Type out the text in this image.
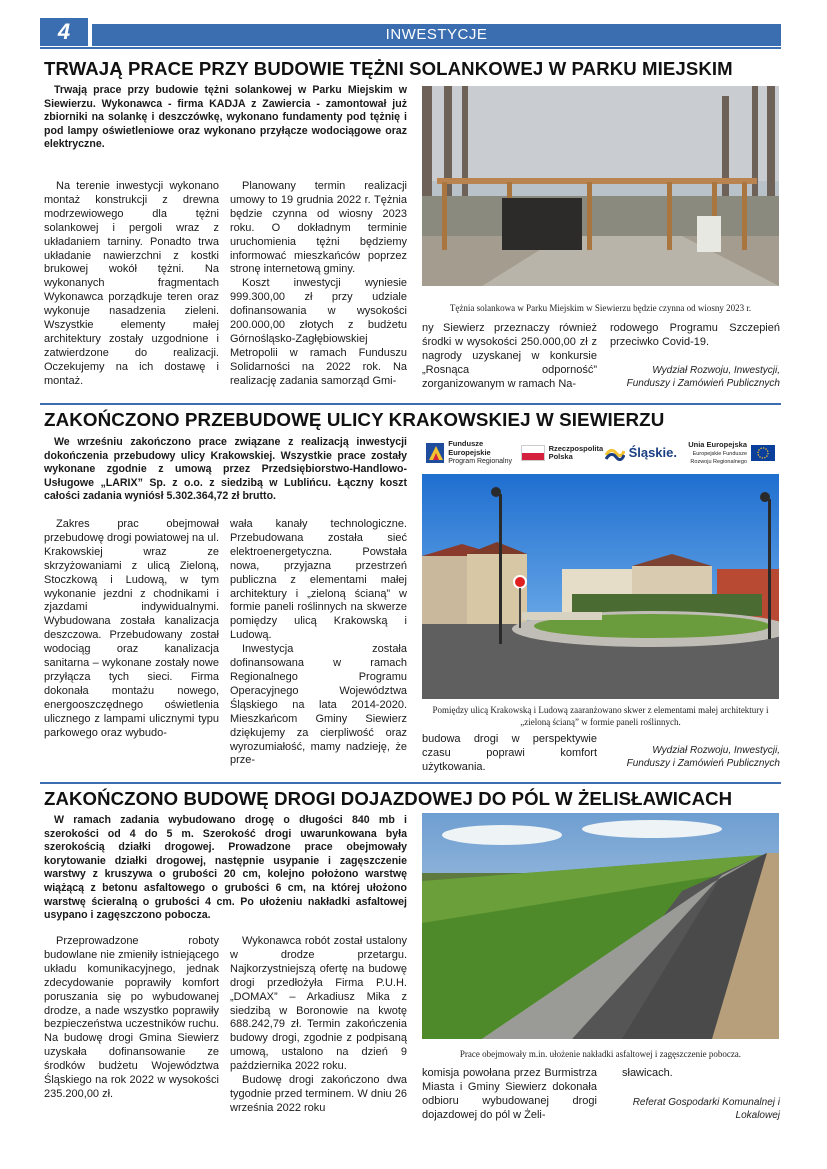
4	INWESTYCJE
TRWAJĄ PRACE PRZY BUDOWIE TĘŻNI SOLANKOWEJ W PARKU MIEJSKIM

Trwają prace przy budowie tężni solankowej w Parku Miejskim w Siewierzu. Wykonawca - firma KADJA z Zawiercia - zamontował już zbiorniki na solankę i deszczówkę, wykonano fundamenty pod tężnię i pod lampy oświetleniowe oraz wykonano przyłącze wodociągowe oraz elektryczne.

Na terenie inwestycji wykonano montaż konstrukcji z drewna modrzewiowego dla tężni solankowej i pergoli wraz z układaniem tarniny. Ponadto trwa układanie nawierzchni z kostki brukowej wokół tężni. Na wykonanych fragmentach Wykonawca porządkuje teren oraz wykonuje nasadzenia zieleni. Wszystkie elementy małej architektury zostały uzgodnione i zatwierdzone do realizacji. Oczekujemy na ich dostawę i montaż.

Planowany termin realizacji umowy to 19 grudnia 2022 r. Tężnia będzie czynna od wiosny 2023 roku. O dokładnym terminie uruchomienia tężni będziemy informować mieszkańców poprzez stronę internetową gminy.

Koszt inwestycji wyniesie 999.300,00 zł przy udziale dofinansowania w wysokości 200.000,00 złotych z budżetu Górnośląsko-Zagłębiowskiej Metropolii w ramach Funduszu Solidarności na 2022 rok. Na realizację zadania samorząd Gmi-

Tężnia solankowa w Parku Miejskim w Siewierzu będzie czynna od wiosny 2023 r.

ny Siewierz przeznaczy również środki w wysokości 250.000,00 zł z nagrody uzyskanej w konkursie „Rosnąca odporność” zorganizowanym w ramach Na-

rodowego Programu Szczepień przeciwko Covid-19.

Wydział Rozwoju, Inwestycji, Funduszy i Zamówień Publicznych
ZAKOŃCZONO PRZEBUDOWĘ ULICY KRAKOWSKIEJ W SIEWIERZU

We wrześniu zakończono prace związane z realizacją inwestycji dokończenia przebudowy ulicy Krakowskiej. Wszystkie prace zostały wykonane zgodnie z umową przez Przedsiębiorstwo-Handlowo-Usługowe „LARIX” Sp. z o.o. z siedzibą w Lublińcu. Łączny koszt całości zadania wyniósł 5.302.364,72 zł brutto.

Zakres prac obejmował przebudowę drogi powiatowej na ul. Krakowskiej wraz ze skrzyżowaniami z ulicą Zieloną, Stoczkową i Ludową, w tym wykonanie jezdni z chodnikami i zjazdami indywidualnymi. Wybudowana została kanalizacja deszczowa. Przebudowany został wodociąg oraz kanalizacja sanitarna – wykonane zostały nowe przyłącza tych sieci. Firma dokonała montażu nowego, energooszczędnego oświetlenia ulicznego z lampami ulicznymi typu parkowego oraz wybudo-

wała kanały technologiczne. Przebudowana została sieć elektroenergetyczna. Powstała nowa, przyjazna przestrzeń publiczna z elementami małej architektury i „zieloną ścianą” w formie paneli roślinnych na skwerze pomiędzy ulicą Krakowską i Ludową.

Inwestycja została dofinansowana w ramach Regionalnego Programu Operacyjnego Województwa Śląskiego na lata 2014-2020. Mieszkańcom Gminy Siewierz dziękujemy za cierpliwość oraz wyrozumiałość, mamy nadzieję, że prze-

Fundusze Europejskie
Program Regionalny
Rzeczpospolita Polska	Śląskie.
Unia Europejska
Europejskie Fundusze Rozwoju Regionalnego
Pomiędzy ulicą Krakowską i Ludową zaaranżowano skwer z elementami małej architektury i „zieloną ścianą” w formie paneli roślinnych.

budowa drogi w perspektywie czasu poprawi komfort użytkowania.

Wydział Rozwoju, Inwestycji, Funduszy i Zamówień Publicznych
ZAKOŃCZONO BUDOWĘ DROGI DOJAZDOWEJ DO PÓL W ŻELISŁAWICACH

W ramach zadania wybudowano drogę o długości 840 mb i szerokości od 4 do 5 m. Szerokość drogi uwarunkowana była szerokością działki drogowej. Prowadzone prace obejmowały korytowanie działki drogowej, następnie usypanie i zagęszczenie warstwy z kruszywa o grubości 20 cm, kolejno położono warstwę wiążącą z betonu asfaltowego o grubości 6 cm, na której ułożono warstwę ścieralną o grubości 4 cm. Po ułożeniu nakładki asfaltowej usypano i zagęszczono pobocza.

Przeprowadzone roboty budowlane nie zmieniły istniejącego układu komunikacyjnego, jednak zdecydowanie poprawiły komfort poruszania się po wybudowanej drodze, a nade wszystko poprawiły bezpieczeństwa uczestników ruchu. Na budowę drogi Gmina Siewierz uzyskała dofinansowanie ze środków budżetu Województwa Śląskiego na rok 2022 w wysokości 235.200,00 zł.

Wykonawca robót został ustalony w drodze przetargu. Najkorzystniejszą ofertę na budowę drogi przedłożyła Firma P.U.H. „DOMAX” – Arkadiusz Mika z siedzibą w Boronowie na kwotę 688.242,79 zł. Termin zakończenia budowy drogi, zgodnie z podpisaną umową, ustalono na dzień 9 października 2022 roku.

Budowę drogi zakończono dwa tygodnie przed terminem. W dniu 26 września 2022 roku

Prace obejmowały m.in. ułożenie nakładki asfaltowej i zagęszczenie pobocza.

komisja powołana przez Burmistrza Miasta i Gminy Siewierz dokonała odbioru wybudowanej drogi dojazdowej do pól w Żeli-

sławicach.

Referat Gospodarki Komunalnej i Lokalowej
